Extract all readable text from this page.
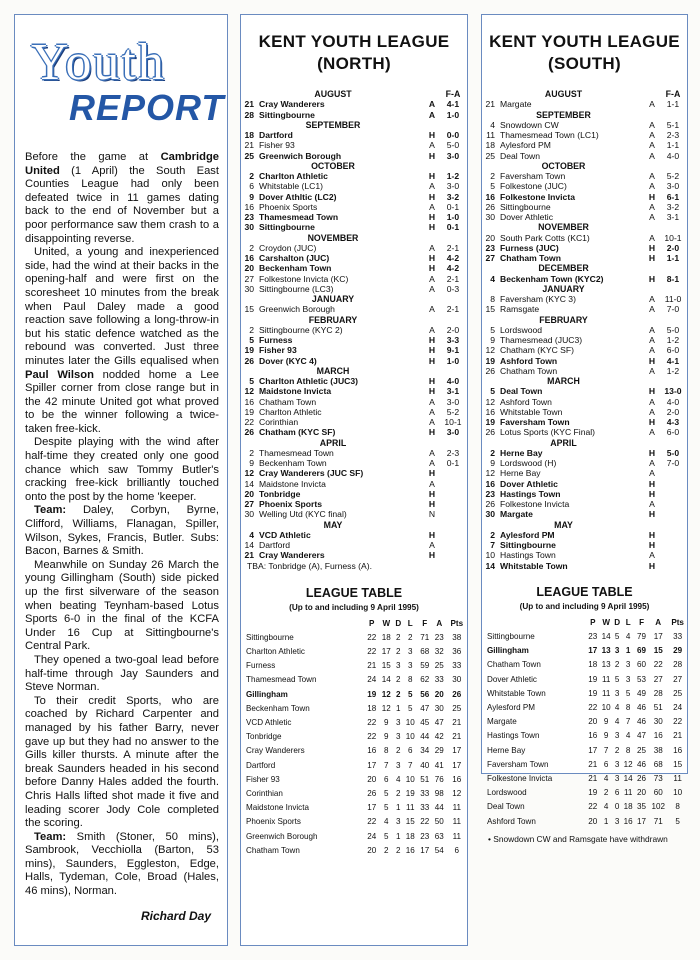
Youth
REPORT

Before the game at Cambridge United (1 April) the South East Counties League had only been defeated twice in 11 games dating back to the end of November but a poor performance saw them crash to a disappointing reverse.

United, a young and inexperienced side, had the wind at their backs in the opening-half and were first on the scoresheet 10 minutes from the break when Paul Daley made a good reaction save following a long-throw-in but his static defence watched as the rebound was converted. Just three minutes later the Gills equalised when Paul Wilson nodded home a Lee Spiller corner from close range but in the 42 minute United got what proved to be the winner following a twice-taken free-kick.

Despite playing with the wind after half-time they created only one good chance which saw Tommy Butler's cracking free-kick brilliantly touched onto the post by the home 'keeper.

Team: Daley, Corbyn, Byrne, Clifford, Williams, Flanagan, Spiller, Wilson, Sykes, Francis, Butler. Subs: Bacon, Barnes & Smith.

Meanwhile on Sunday 26 March the young Gillingham (South) side picked up the first silverware of the season when beating Teynham-based Lotus Sports 6-0 in the final of the KCFA Under 16 Cup at Sittingbourne's Central Park.

They opened a two-goal lead before half-time through Jay Saunders and Steve Norman.

To their credit Sports, who are coached by Richard Carpenter and managed by his father Barry, never gave up but they had no answer to the Gills killer thursts. A minute after the break Saunders headed in his second before Danny Hales added the fourth. Chris Halls lifted shot made it five and leading scorer Jody Cole completed the scoring.

Team: Smith (Stoner, 50 mins), Sambrook, Vecchiolla (Barton, 53 mins), Saunders, Eggleston, Edge, Halls, Tydeman, Cole, Broad (Hales, 46 mins), Norman.

Richard Day
KENT YOUTH LEAGUE
(NORTH)
AUGUST			F-A
21	Cray Wanderers	A	4-1
28	Sittingbourne	A	1-0
SEPTEMBER			
18	Dartford	H	0-0
21	Fisher 93	A	5-0
25	Greenwich Borough	H	3-0
OCTOBER			
2	Charlton Athletic	H	1-2
6	Whitstable (LC1)	A	3-0
9	Dover Athltic (LC2)	H	3-2
16	Phoenix Sports	A	0-1
23	Thamesmead Town	H	1-0
30	Sittingbourne	H	0-1
NOVEMBER			
2	Croydon (JUC)	A	2-1
16	Carshalton (JUC)	H	4-2
20	Beckenham Town	H	4-2
27	Folkestone Invicta (KC)	A	2-1
30	Sittingbourne (LC3)	A	0-3
JANUARY			
15	Greenwich Borough	A	2-1
FEBRUARY			
2	Sittingbourne (KYC 2)	A	2-0
5	Furness	H	3-3
19	Fisher 93	H	9-1
26	Dover (KYC 4)	H	1-0
MARCH			
5	Charlton Athletic (JUC3)	H	4-0
12	Maidstone Invicta	H	3-1
16	Chatham Town	A	3-0
19	Charlton Athletic	A	5-2
22	Corinthian	A	10-1
26	Chatham (KYC SF)	H	3-0
APRIL			
2	Thamesmead Town	A	2-3
9	Beckenham Town	A	0-1
12	Cray Wanderers (JUC SF)	H	
14	Maidstone Invicta	A	
20	Tonbridge	H	
27	Phoenix Sports	H	
30	Welling Utd (KYC final)	N	
MAY			
4	VCD Athletic	H	
14	Dartford	A	
21	Cray Wanderers	H	
TBA: Tonbridge (A), Furness (A).
LEAGUE TABLE
(Up to and including 9 April 1995)
	P	W	D	L	F	A	Pts
Sittingbourne	22	18	2	2	71	23	38
Charlton Athletic	22	17	2	3	68	32	36
Furness	21	15	3	3	59	25	33
Thamesmead Town	24	14	2	8	62	33	30
Gillingham	19	12	2	5	56	20	26
Beckenham Town	18	12	1	5	47	30	25
VCD Athletic	22	9	3	10	45	47	21
Tonbridge	22	9	3	10	44	42	21
Cray Wanderers	16	8	2	6	34	29	17
Dartford	17	7	3	7	40	41	17
Fisher 93	20	6	4	10	51	76	16
Corinthian	26	5	2	19	33	98	12
Maidstone Invicta	17	5	1	11	33	44	11
Phoenix Sports	22	4	3	15	22	50	11
Greenwich Borough	24	5	1	18	23	63	11
Chatham Town	20	2	2	16	17	54	6
KENT YOUTH LEAGUE
(SOUTH)
AUGUST			F-A
21	Margate	A	1-1
SEPTEMBER			
4	Snowdown CW	A	5-1
11	Thamesmead Town (LC1)	A	2-3
18	Aylesford PM	A	1-1
25	Deal Town	A	4-0
OCTOBER			
2	Faversham Town	A	5-2
5	Folkestone (JUC)	A	3-0
16	Folkestone Invicta	H	6-1
26	Sittingbourne	A	3-2
30	Dover Athletic	A	3-1
NOVEMBER			
20	South Park Cotts (KC1)	A	10-1
23	Furness (JUC)	H	2-0
27	Chatham Town	H	1-1
DECEMBER			
4	Beckenham Town (KYC2)	H	8-1
JANUARY			
8	Faversham (KYC 3)	A	11-0
15	Ramsgate	A	7-0
FEBRUARY			
5	Lordswood	A	5-0
9	Thamesmead (JUC3)	A	1-2
12	Chatham (KYC SF)	A	6-0
19	Ashford Town	H	4-1
26	Chatham Town	A	1-2
MARCH			
5	Deal Town	H	13-0
12	Ashford Town	A	4-0
16	Whitstable Town	A	2-0
19	Faversham Town	H	4-3
26	Lotus Sports (KYC Final)	A	6-0
APRIL			
2	Herne Bay	H	5-0
9	Lordswood (H)	A	7-0
12	Herne Bay	A	
16	Dover Athletic	H	
23	Hastings Town	H	
26	Folkestone Invicta	A	
30	Margate	H	
MAY			
2	Aylesford PM	H	
7	Sittingbourne	H	
10	Hastings Town	A	
14	Whitstable Town	H	
LEAGUE TABLE
(Up to and including 9 April 1995)
	P	W	D	L	F	A	Pts
Sittingbourne	23	14	5	4	79	17	33
Gillingham	17	13	3	1	69	15	29
Chatham Town	18	13	2	3	60	22	28
Dover Athletic	19	11	5	3	53	27	27
Whitstable Town	19	11	3	5	49	28	25
Aylesford PM	22	10	4	8	46	51	24
Margate	20	9	4	7	46	30	22
Hastings Town	16	9	3	4	47	16	21
Herne Bay	17	7	2	8	25	38	16
Faversham Town	21	6	3	12	46	68	15
Folkestone Invicta	21	4	3	14	26	73	11
Lordswood	19	2	6	11	20	60	10
Deal Town	22	4	0	18	35	102	8
Ashford Town	20	1	3	16	17	71	5
• Snowdown CW and Ramsgate have withdrawn
